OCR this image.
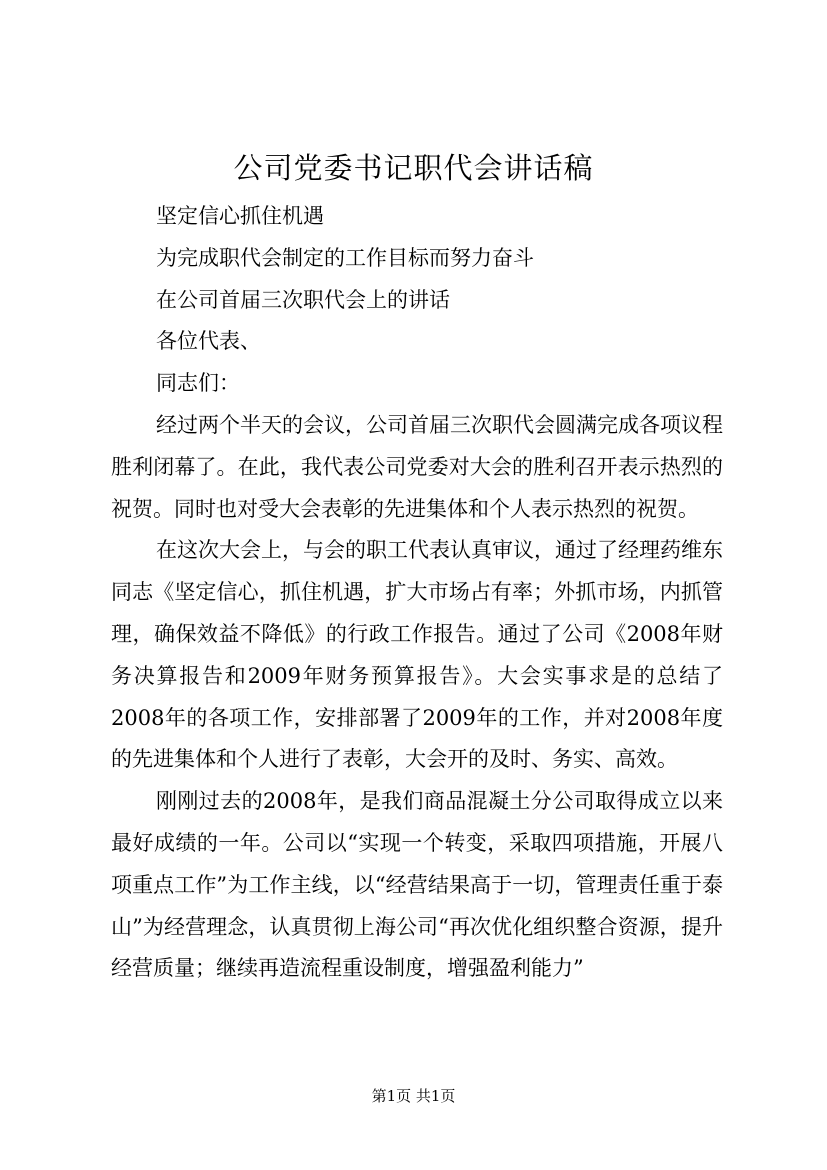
公司党委书记职代会讲话稿

坚定信心抓住机遇

为完成职代会制定的工作目标而努力奋斗

在公司首届三次职代会上的讲话

各位代表、

同志们：

经过两个半天的会议，公司首届三次职代会圆满完成各项议程胜利闭幕了。在此，我代表公司党委对大会的胜利召开表示热烈的祝贺。同时也对受大会表彰的先进集体和个人表示热烈的祝贺。

在这次大会上，与会的职工代表认真审议，通过了经理药维东同志《坚定信心，抓住机遇，扩大市场占有率；外抓市场，内抓管理，确保效益不降低》的行政工作报告。通过了公司《2008年财务决算报告和2009年财务预算报告》。大会实事求是的总结了2008年的各项工作，安排部署了2009年的工作，并对2008年度的先进集体和个人进行了表彰，大会开的及时、务实、高效。

刚刚过去的2008年，是我们商品混凝土分公司取得成立以来最好成绩的一年。公司以“实现一个转变，采取四项措施，开展八项重点工作”为工作主线，以“经营结果高于一切，管理责任重于泰山”为经营理念，认真贯彻上海公司“再次优化组织整合资源，提升经营质量；继续再造流程重设制度，增强盈利能力”

第1页 共1页
